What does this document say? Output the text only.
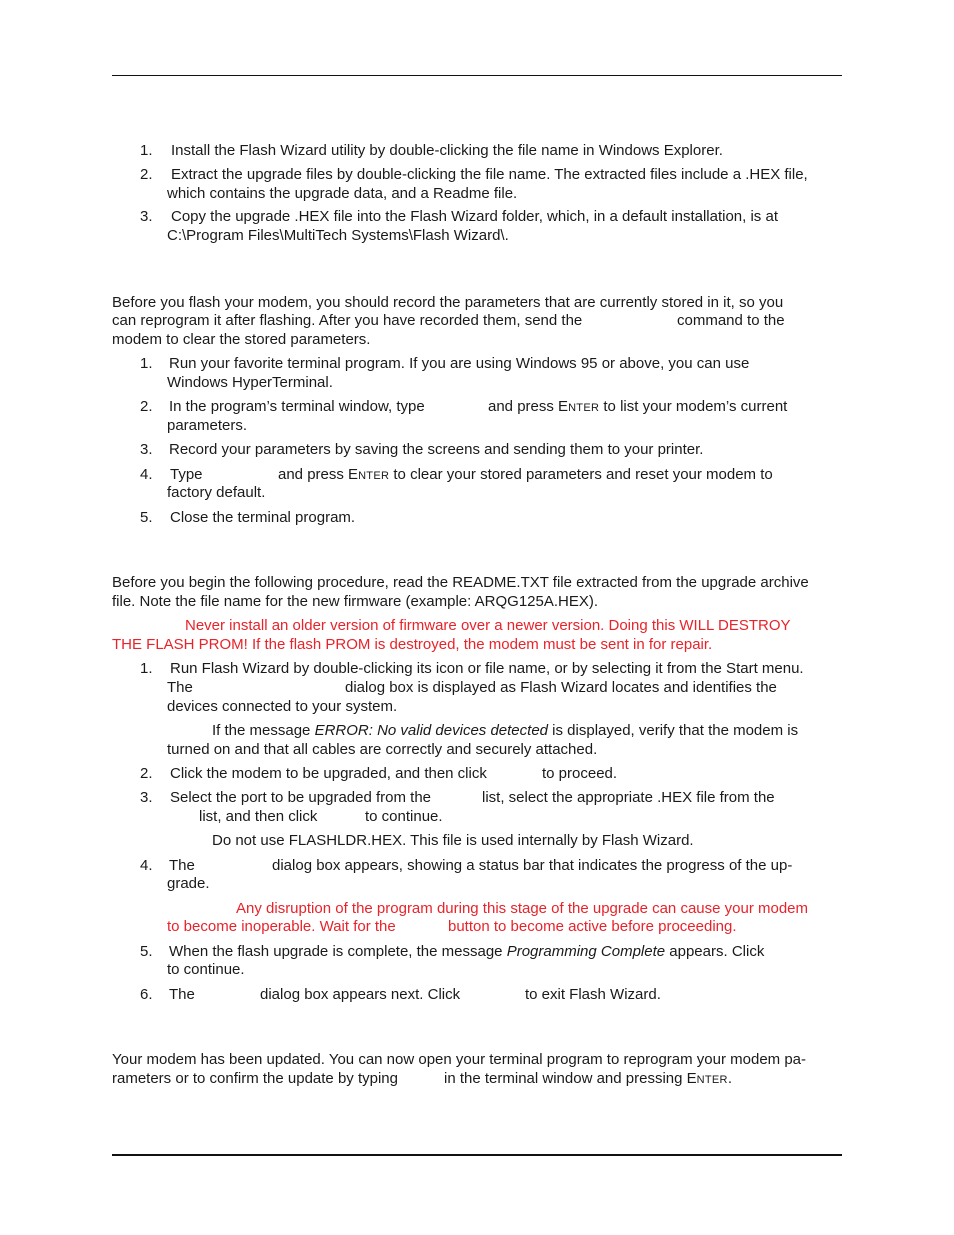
1. Install the Flash Wizard utility by double-clicking the file name in Windows Explorer.
2. Extract the upgrade files by double-clicking the file name. The extracted files include a .HEX file,
which contains the upgrade data, and a Readme file.
3. Copy the upgrade .HEX file into the Flash Wizard folder, which, in a default installation, is at
C:\Program Files\MultiTech Systems\Flash Wizard\.
Before you flash your modem, you should record the parameters that are currently stored in it, so you
can reprogram it after flashing. After you have recorded them, send the	command to the
modem to clear the stored parameters.
1. Run your favorite terminal program. If you are using Windows 95 or above, you can use
Windows HyperTerminal.
2. In the program’s terminal window, type	and press ENTER to list your modem’s current
parameters.
3. Record your parameters by saving the screens and sending them to your printer.
4. Type	and press ENTER to clear your stored parameters and reset your modem to
factory default.
5. Close the terminal program.
Before you begin the following procedure, read the README.TXT file extracted from the upgrade archive
file. Note the file name for the new firmware (example: ARQG125A.HEX).
Never install an older version of firmware over a newer version. Doing this WILL DESTROY
THE FLASH PROM! If the flash PROM is destroyed, the modem must be sent in for repair.
1. Run Flash Wizard by double-clicking its icon or file name, or by selecting it from the Start menu.
The	dialog box is displayed as Flash Wizard locates and identifies the
devices connected to your system.
If the message ERROR: No valid devices detected is displayed, verify that the modem is
turned on and that all cables are correctly and securely attached.
2. Click the modem to be upgraded, and then click	to proceed.
3. Select the port to be upgraded from the	list, select the appropriate .HEX file from the
list, and then click	to continue.
Do not use FLASHLDR.HEX. This file is used internally by Flash Wizard.
4. The	dialog box appears, showing a status bar that indicates the progress of the up-
grade.
Any disruption of the program during this stage of the upgrade can cause your modem
to become inoperable. Wait for the	button to become active before proceeding.
5. When the flash upgrade is complete, the message Programming Complete appears. Click
to continue.
6. The	dialog box appears next. Click	to exit Flash Wizard.
Your modem has been updated. You can now open your terminal program to reprogram your modem pa-
rameters or to confirm the update by typing	in the terminal window and pressing ENTER.
